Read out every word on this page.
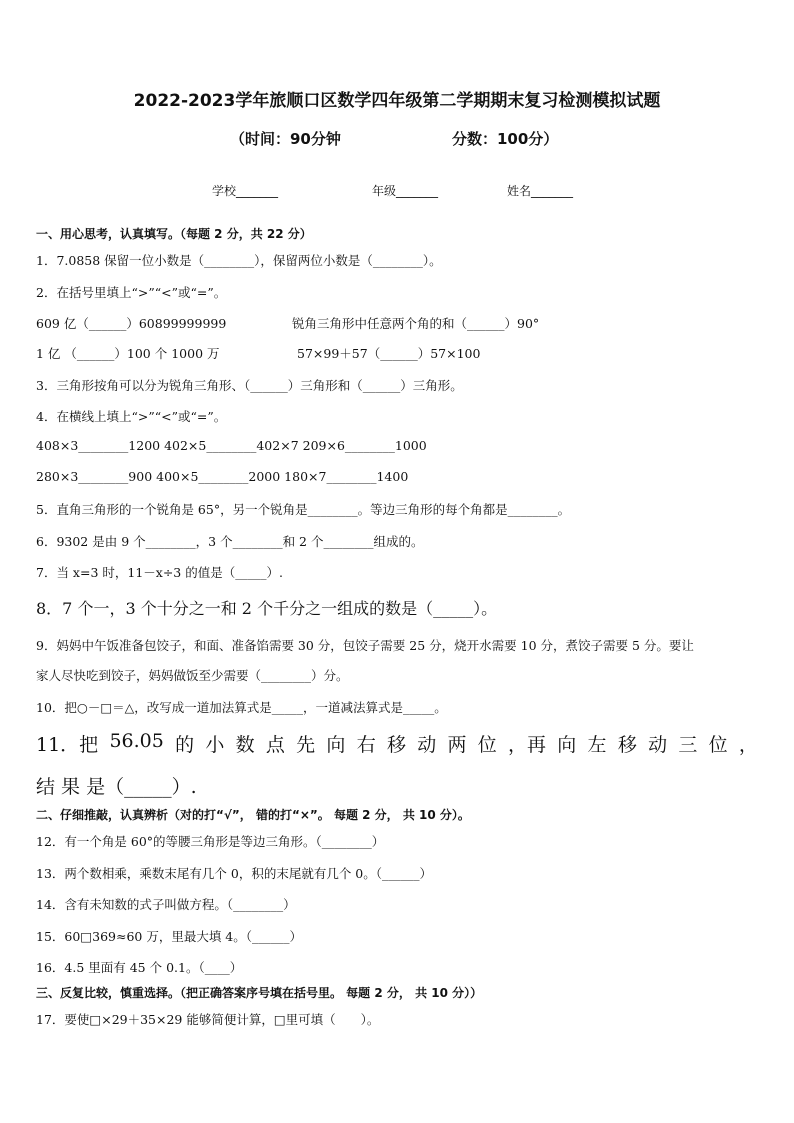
2022-2023学年旅顺口区数学四年级第二学期期末复习检测模拟试题
（时间：90分钟	分数：100分）
学校_______	年级_______	姓名_______
一、用心思考，认真填写。（每题 2 分，共 22 分）
1．7.0858 保留一位小数是（________），保留两位小数是（________）。
2．在括号里填上“>”“<”或“=”。
609 亿（______）60899999999	锐角三角形中任意两个角的和（______）90°
1 亿 （______）100 个 1000 万	57×99＋57（______）57×100
3．三角形按角可以分为锐角三角形、（______）三角形和（______）三角形。
4．在横线上填上“>”“<”或“=”。
408×3________1200 402×5________402×7 209×6________1000
280×3________900 400×5________2000 180×7________1400
5．直角三角形的一个锐角是 65°，另一个锐角是________。等边三角形的每个角都是________。
6．9302 是由 9 个________，3 个________和 2 个________组成的。
7．当 x=3 时，11－x÷3 的值是（_____）.
8．7 个一，3 个十分之一和 2 个千分之一组成的数是（_____）。
9．妈妈中午饭准备包饺子，和面、准备馅需要 30 分，包饺子需要 25 分，烧开水需要 10 分，煮饺子需要 5 分。要让
家人尽快吃到饺子，妈妈做饭至少需要（________）分。
10．把○－□＝△，改写成一道加法算式是_____，一道减法算式是_____。
11．把 56.05 的 小 数 点 先 向 右 移 动 两 位 ，再 向 左 移 动 三 位 ，
结 果 是（_____）.
二、仔细推敲，认真辨析（对的打“√”， 错的打“×”。 每题 2 分， 共 10 分）。
12．有一个角是 60°的等腰三角形是等边三角形。（________）
13．两个数相乘，乘数末尾有几个 0，积的末尾就有几个 0。（______）
14．含有未知数的式子叫做方程。（________）
15．60□369≈60 万，里最大填 4。（______）
16．4.5 里面有 45 个 0.1。（____）
三、反复比较，慎重选择。（把正确答案序号填在括号里。 每题 2 分， 共 10 分））
17．要使□×29＋35×29 能够简便计算，□里可填（　　）。
